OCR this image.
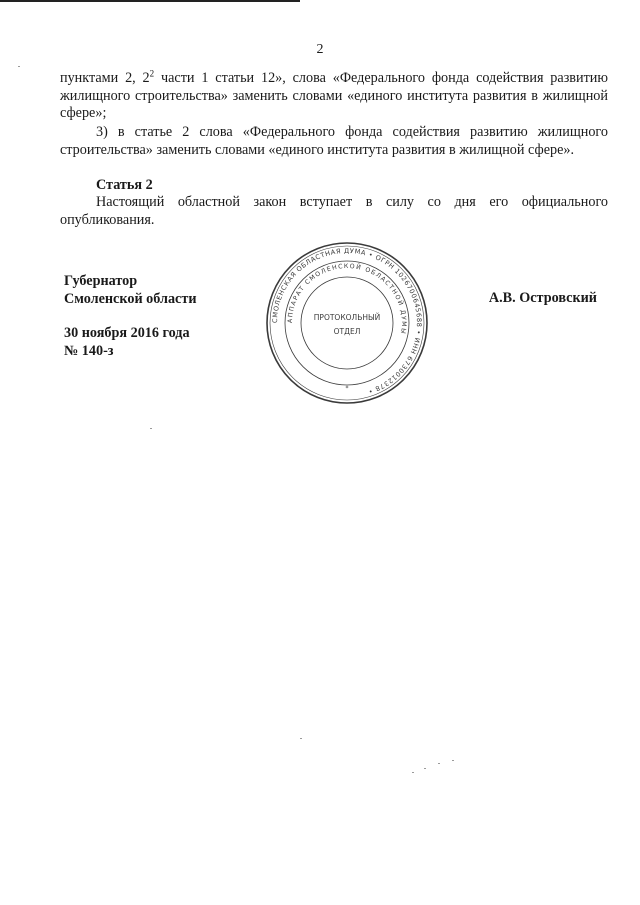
2
пунктами 2, $2^2$ части 1 статьи 12», слова «Федерального фонда содействия развитию жилищного строительства» заменить словами «единого института развития в жилищной сфере»;
3) в статье 2 слова «Федерального фонда содействия развитию жилищного строительства» заменить словами «единого института развития в жилищной сфере».
Статья 2
Настоящий областной закон вступает в силу со дня его официального опубликования.
Губернатор
Смоленской области
30 ноября 2016 года
№ 140-з
А.В. Островский
СМОЛЕНСКАЯ ОБЛАСТНАЯ ДУМА • ОГРН 1026700645688 • ИНН 6730012378 •
АППАРАТ СМОЛЕНСКОЙ ОБЛАСТНОЙ ДУМЫ
ПРОТОКОЛЬНЫЙ
ОТДЕЛ
*
